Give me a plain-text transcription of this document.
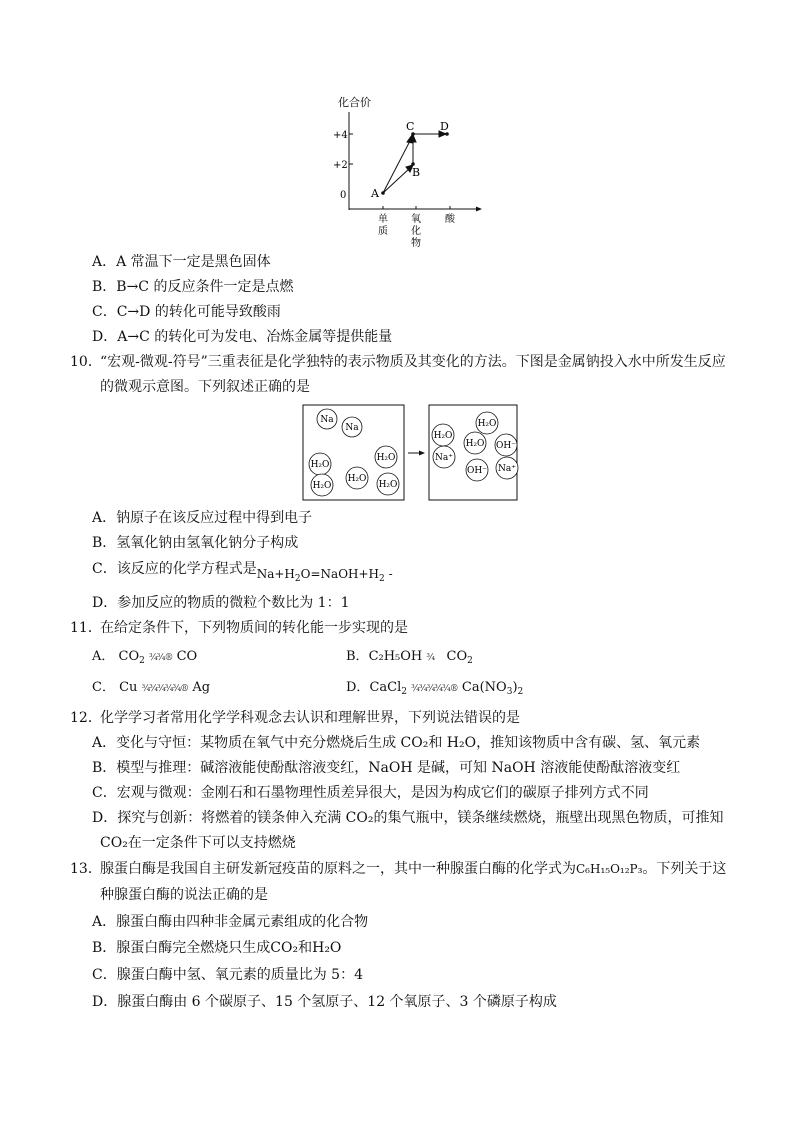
化合价
+4
+2
0
单
质
氧
化
物
酸
A
B
C D
A．A 常温下一定是黑色固体
B．B→C 的反应条件一定是点燃
C．C→D 的转化可能导致酸雨
D．A→C 的转化可为发电、冶炼金属等提供能量
10．
“宏观-微观-符号”三重表征是化学独特的表示物质及其变化的方法。下图是金属钠投入水中所发生反应
的微观示意图。下列叙述正确的是
Na
Na
H₂O
H₂O
H₂O
H₂O	H₂O
H₂O
H₂O
H₂O OH⁻
Na⁺
OH⁻ Na⁺
A．钠原子在该反应过程中得到电子
B．氢氧化钠由氢氧化钠分子构成
C．该反应的化学方程式是$Na+H_2O=NaOH+H_2$ -
D．参加反应的物质的微粒个数比为 1：1
11．
在给定条件下，下列物质间的转化能一步实现的是
A． $CO_2$ ¾¾® CO	B．C₂H₅OH ¾ $CO_2$
C． Cu ¾¾¾¾¾® Ag	D．CaCl$_2$ ¾¾¾¾¾® $Ca(NO_3)_2$
12．
化学学习者常用化学学科观念去认识和理解世界，下列说法错误的是
A．变化与守恒：某物质在氧气中充分燃烧后生成 CO₂和 H₂O，推知该物质中含有碳、氢、氧元素
B．模型与推理：碱溶液能使酚酞溶液变红，NaOH 是碱，可知 NaOH 溶液能使酚酞溶液变红
C．宏观与微观：金刚石和石墨物理性质差异很大，是因为构成它们的碳原子排列方式不同
D．探究与创新：将燃着的镁条伸入充满 CO₂的集气瓶中，镁条继续燃烧，瓶壁出现黑色物质，可推知
CO₂在一定条件下可以支持燃烧
13．
腺蛋白酶是我国自主研发新冠疫苗的原料之一，其中一种腺蛋白酶的化学式为C₆H₁₅O₁₂P₃。下列关于这
种腺蛋白酶的说法正确的是
A．腺蛋白酶由四种非金属元素组成的化合物
B．腺蛋白酶完全燃烧只生成CO₂和H₂O
C．腺蛋白酶中氢、氧元素的质量比为 5：4
D．腺蛋白酶由 6 个碳原子、15 个氢原子、12 个氧原子、3 个磷原子构成
